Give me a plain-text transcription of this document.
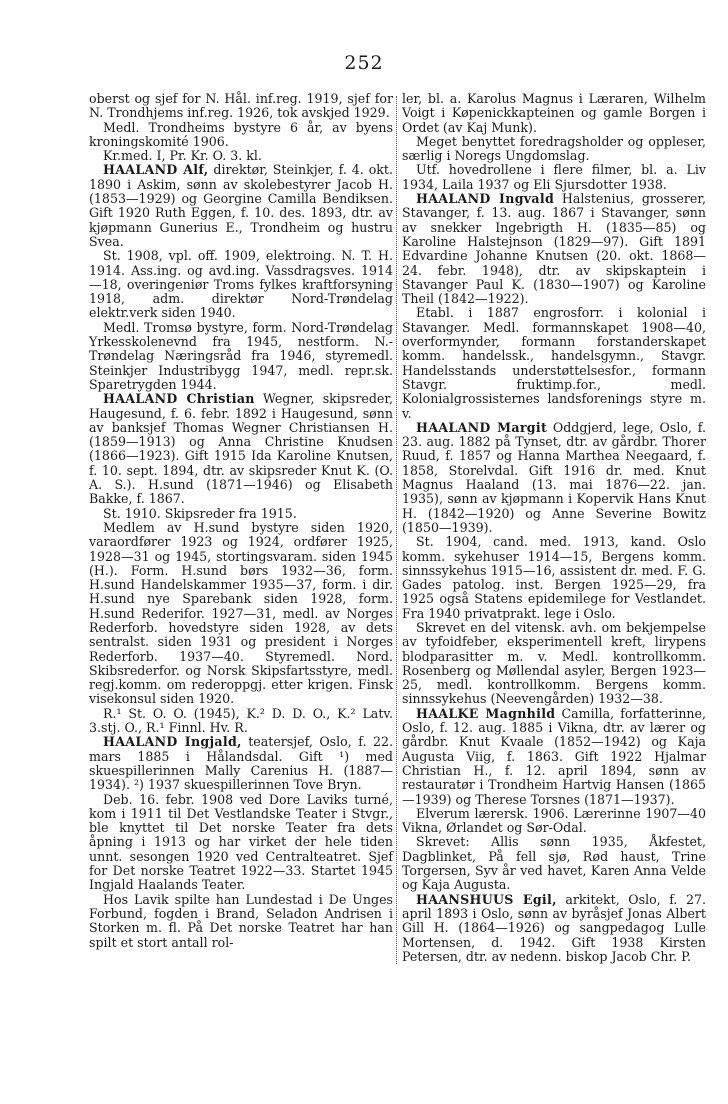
252

oberst og sjef for N. Hål. inf.reg. 1919, sjef for N. Trondhjems inf.reg. 1926, tok avskjed 1929.

Medl. Trondheims bystyre 6 år, av byens kroningskomité 1906.

Kr.med. I, Pr. Kr. O. 3. kl.

HAALAND Alf, direktør, Steinkjer, f. 4. okt. 1890 i Askim, sønn av skolebestyrer Jacob H. (1853—1929) og Georgine Camilla Bendiksen. Gift 1920 Ruth Eggen, f. 10. des. 1893, dtr. av kjøpmann Gunerius E., Trondheim og hustru Svea.

St. 1908, vpl. off. 1909, elektroing. N. T. H. 1914. Ass.ing. og avd.ing. Vassdragsves. 1914—18, overingeniør Troms fylkes kraftforsyning 1918, adm. direktør Nord-Trøndelag elektr.verk siden 1940.

Medl. Tromsø bystyre, form. Nord-Trøndelag Yrkesskolenevnd fra 1945, nestform. N.-Trøndelag Næringsråd fra 1946, styremedl. Steinkjer Industribygg 1947, medl. repr.sk. Sparetrygden 1944.

HAALAND Christian Wegner, skipsreder, Haugesund, f. 6. febr. 1892 i Haugesund, sønn av banksjef Thomas Wegner Christiansen H. (1859—1913) og Anna Christine Knudsen (1866—1923). Gift 1915 Ida Karoline Knutsen, f. 10. sept. 1894, dtr. av skipsreder Knut K. (O. A. S.). H.sund (1871—1946) og Elisabeth Bakke, f. 1867.

St. 1910. Skipsreder fra 1915.

Medlem av H.sund bystyre siden 1920, varaordfører 1923 og 1924, ordfører 1925, 1928—31 og 1945, stortingsvaram. siden 1945 (H.). Form. H.sund børs 1932—36, form. H.sund Handelskammer 1935—37, form. i dir. H.sund nye Sparebank siden 1928, form. H.sund Rederifor. 1927—31, medl. av Norges Rederforb. hovedstyre siden 1928, av dets sentralst. siden 1931 og president i Norges Rederforb. 1937—40. Styremedl. Nord. Skibsrederfor. og Norsk Skipsfartsstyre, medl. regj.komm. om rederoppgj. etter krigen. Finsk visekonsul siden 1920.

R.¹ St. O. O. (1945), K.² D. D. O., K.² Latv. 3.stj. O., R.¹ Finnl. Hv. R.

HAALAND Ingjald, teatersjef, Oslo, f. 22. mars 1885 i Hålandsdal. Gift ¹) med skuespillerinnen Mally Carenius H. (1887—1934). ²) 1937 skuespillerinnen Tove Bryn.

Deb. 16. febr. 1908 ved Dore Laviks turné, kom i 1911 til Det Vestlandske Teater i Stvgr., ble knyttet til Det norske Teater fra dets åpning i 1913 og har virket der hele tiden unnt. sesongen 1920 ved Centralteatret. Sjef for Det norske Teatret 1922—33. Startet 1945 Ingjald Haalands Teater.

Hos Lavik spilte han Lundestad i De Unges Forbund, fogden i Brand, Seladon Andrisen i Storken m. fl. På Det norske Teatret har han spilt et stort antall rol-

ler, bl. a. Karolus Magnus i Læraren, Wilhelm Voigt i Køpenickkapteinen og gamle Borgen i Ordet (av Kaj Munk).

Meget benyttet foredragsholder og oppleser, særlig i Noregs Ungdomslag.

Utf. hovedrollene i flere filmer, bl. a. Liv 1934, Laila 1937 og Eli Sjursdotter 1938.

HAALAND Ingvald Halstenius, grosserer, Stavanger, f. 13. aug. 1867 i Stavanger, sønn av snekker Ingebrigth H. (1835—85) og Karoline Halstejnson (1829—97). Gift 1891 Edvardine Johanne Knutsen (20. okt. 1868—24. febr. 1948), dtr. av skipskaptein i Stavanger Paul K. (1830—1907) og Karoline Theil (1842—1922).

Etabl. i 1887 engrosforr. i kolonial i Stavanger. Medl. formannskapet 1908—40, overformynder, formann forstanderskapet komm. handelssk., handelsgymn., Stavgr. Handelsstands understøttelsesfor., formann Stavgr. fruktimp.for., medl. Kolonialgrossisternes landsforenings styre m. v.

HAALAND Margit Oddgjerd, lege, Oslo, f. 23. aug. 1882 på Tynset, dtr. av gårdbr. Thorer Ruud, f. 1857 og Hanna Marthea Neegaard, f. 1858, Storelvdal. Gift 1916 dr. med. Knut Magnus Haaland (13. mai 1876—22. jan. 1935), sønn av kjøpmann i Kopervik Hans Knut H. (1842—1920) og Anne Severine Bowitz (1850—1939).

St. 1904, cand. med. 1913, kand. Oslo komm. sykehuser 1914—15, Bergens komm. sinnssykehus 1915—16, assistent dr. med. F. G. Gades patolog. inst. Bergen 1925—29, fra 1925 også Statens epidemilege for Vestlandet. Fra 1940 privatprakt. lege i Oslo.

Skrevet en del vitensk. avh. om bekjempelse av tyfoidfeber, eksperimentell kreft, lirypens blodparasitter m. v. Medl. kontrollkomm. Rosenberg og Møllendal asyler, Bergen 1923—25, medl. kontrollkomm. Bergens komm. sinnssykehus (Neevengården) 1932—38.

HAALKE Magnhild Camilla, forfatterinne, Oslo, f. 12. aug. 1885 i Vikna, dtr. av lærer og gårdbr. Knut Kvaale (1852—1942) og Kaja Augusta Viig, f. 1863. Gift 1922 Hjalmar Christian H., f. 12. april 1894, sønn av restauratør i Trondheim Hartvig Hansen (1865—1939) og Therese Torsnes (1871—1937).

Elverum lærersk. 1906. Lærerinne 1907—40 Vikna, Ørlandet og Sør-Odal.

Skrevet: Allis sønn 1935, Åkfestet, Dagblinket, På fell sjø, Rød haust, Trine Torgersen, Syv år ved havet, Karen Anna Velde og Kaja Augusta.

HAANSHUUS Egil, arkitekt, Oslo, f. 27. april 1893 i Oslo, sønn av byråsjef Jonas Albert Gill H. (1864—1926) og sangpedagog Lulle Mortensen, d. 1942. Gift 1938 Kirsten Petersen, dtr. av nedenn. biskop Jacob Chr. P.
